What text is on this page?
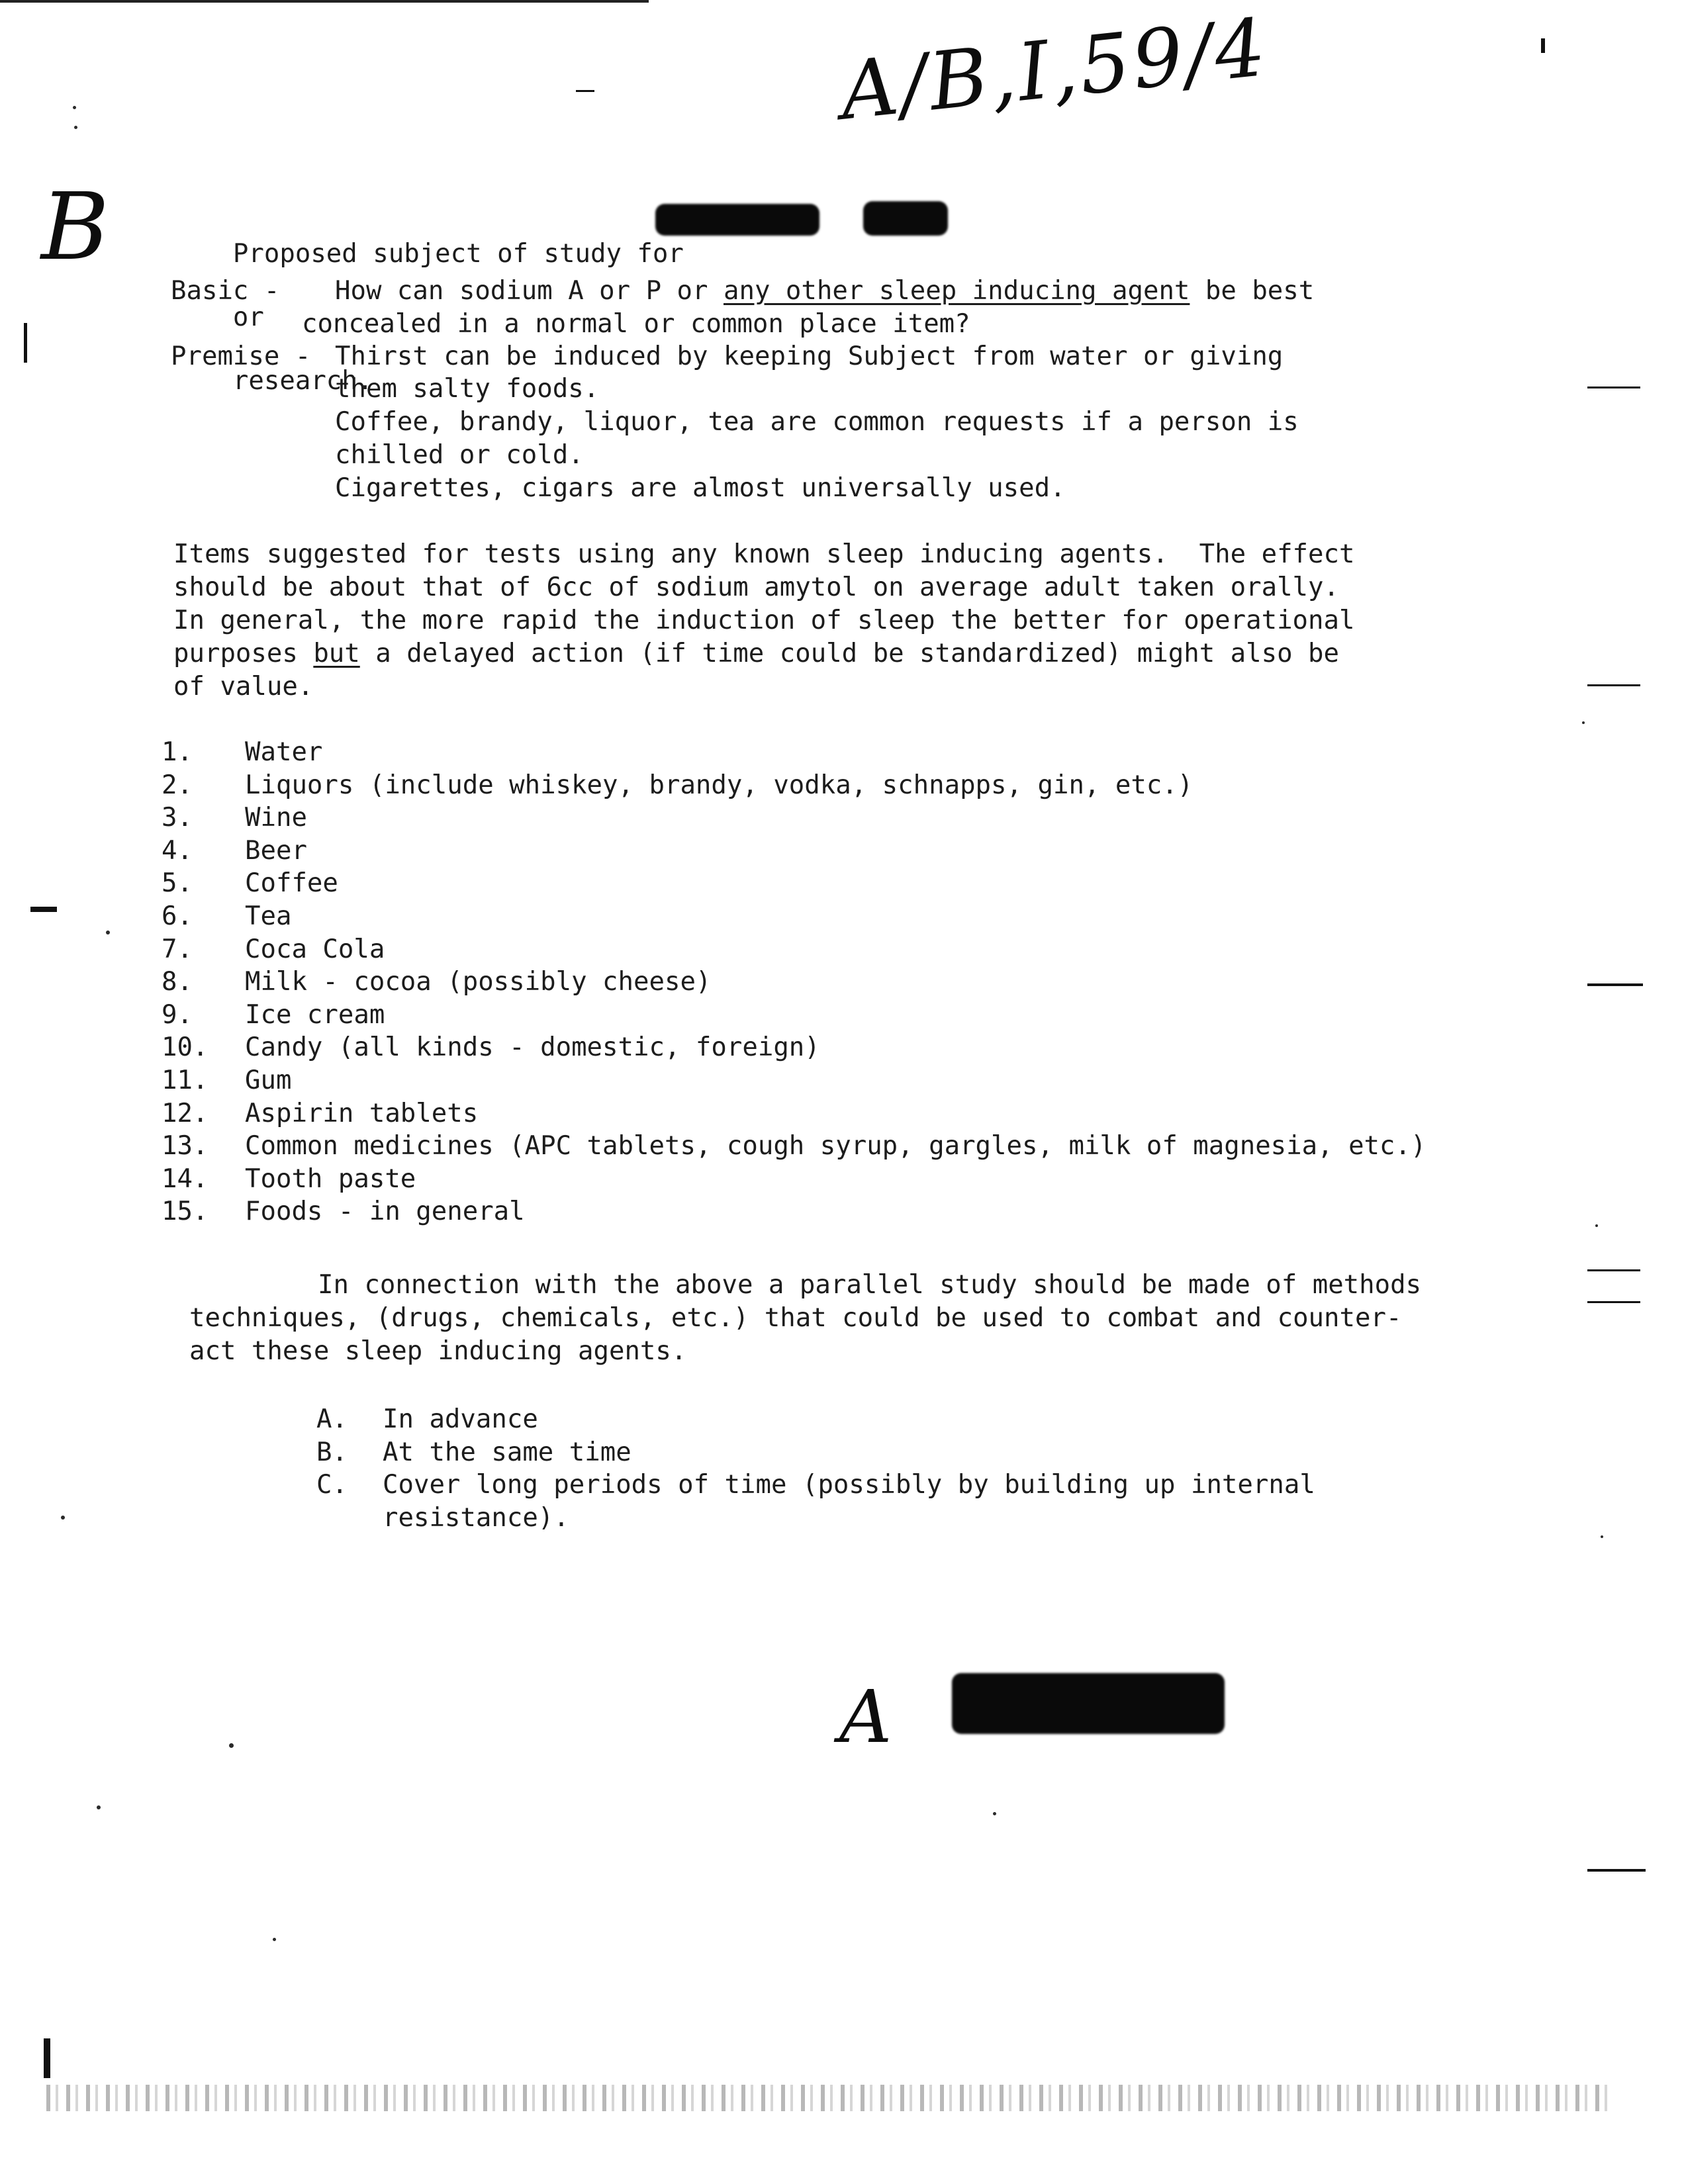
A/B,I,59/4
B	Proposed subject of study for

or

research.

Basic - How can sodium A or P or any other sleep inducing agent be best
concealed in a normal or common place item?
Premise - Thirst can be induced by keeping Subject from water or giving
them salty foods.
Coffee, brandy, liquor, tea are common requests if a person is
chilled or cold.
Cigarettes, cigars are almost universally used.
Items suggested for tests using any known sleep inducing agents.  The effect
should be about that of 6cc of sodium amytol on average adult taken orally.
In general, the more rapid the induction of sleep the better for operational
purposes but a delayed action (if time could be standardized) might also be
of value.
1. Water
2. Liquors (include whiskey, brandy, vodka, schnapps, gin, etc.)
3. Wine
4. Beer
5. Coffee
6. Tea
7. Coca Cola
8. Milk - cocoa (possibly cheese)
9. Ice cream
10. Candy (all kinds - domestic, foreign)
11. Gum
12. Aspirin tablets
13. Common medicines (APC tablets, cough syrup, gargles, milk of magnesia, etc.)
14. Tooth paste
15. Foods - in general
In connection with the above a parallel study should be made of methods
techniques, (drugs, chemicals, etc.) that could be used to combat and counter-
act these sleep inducing agents.
A. In advance
B. At the same time
C. Cover long periods of time (possibly by building up internal
resistance).
A
